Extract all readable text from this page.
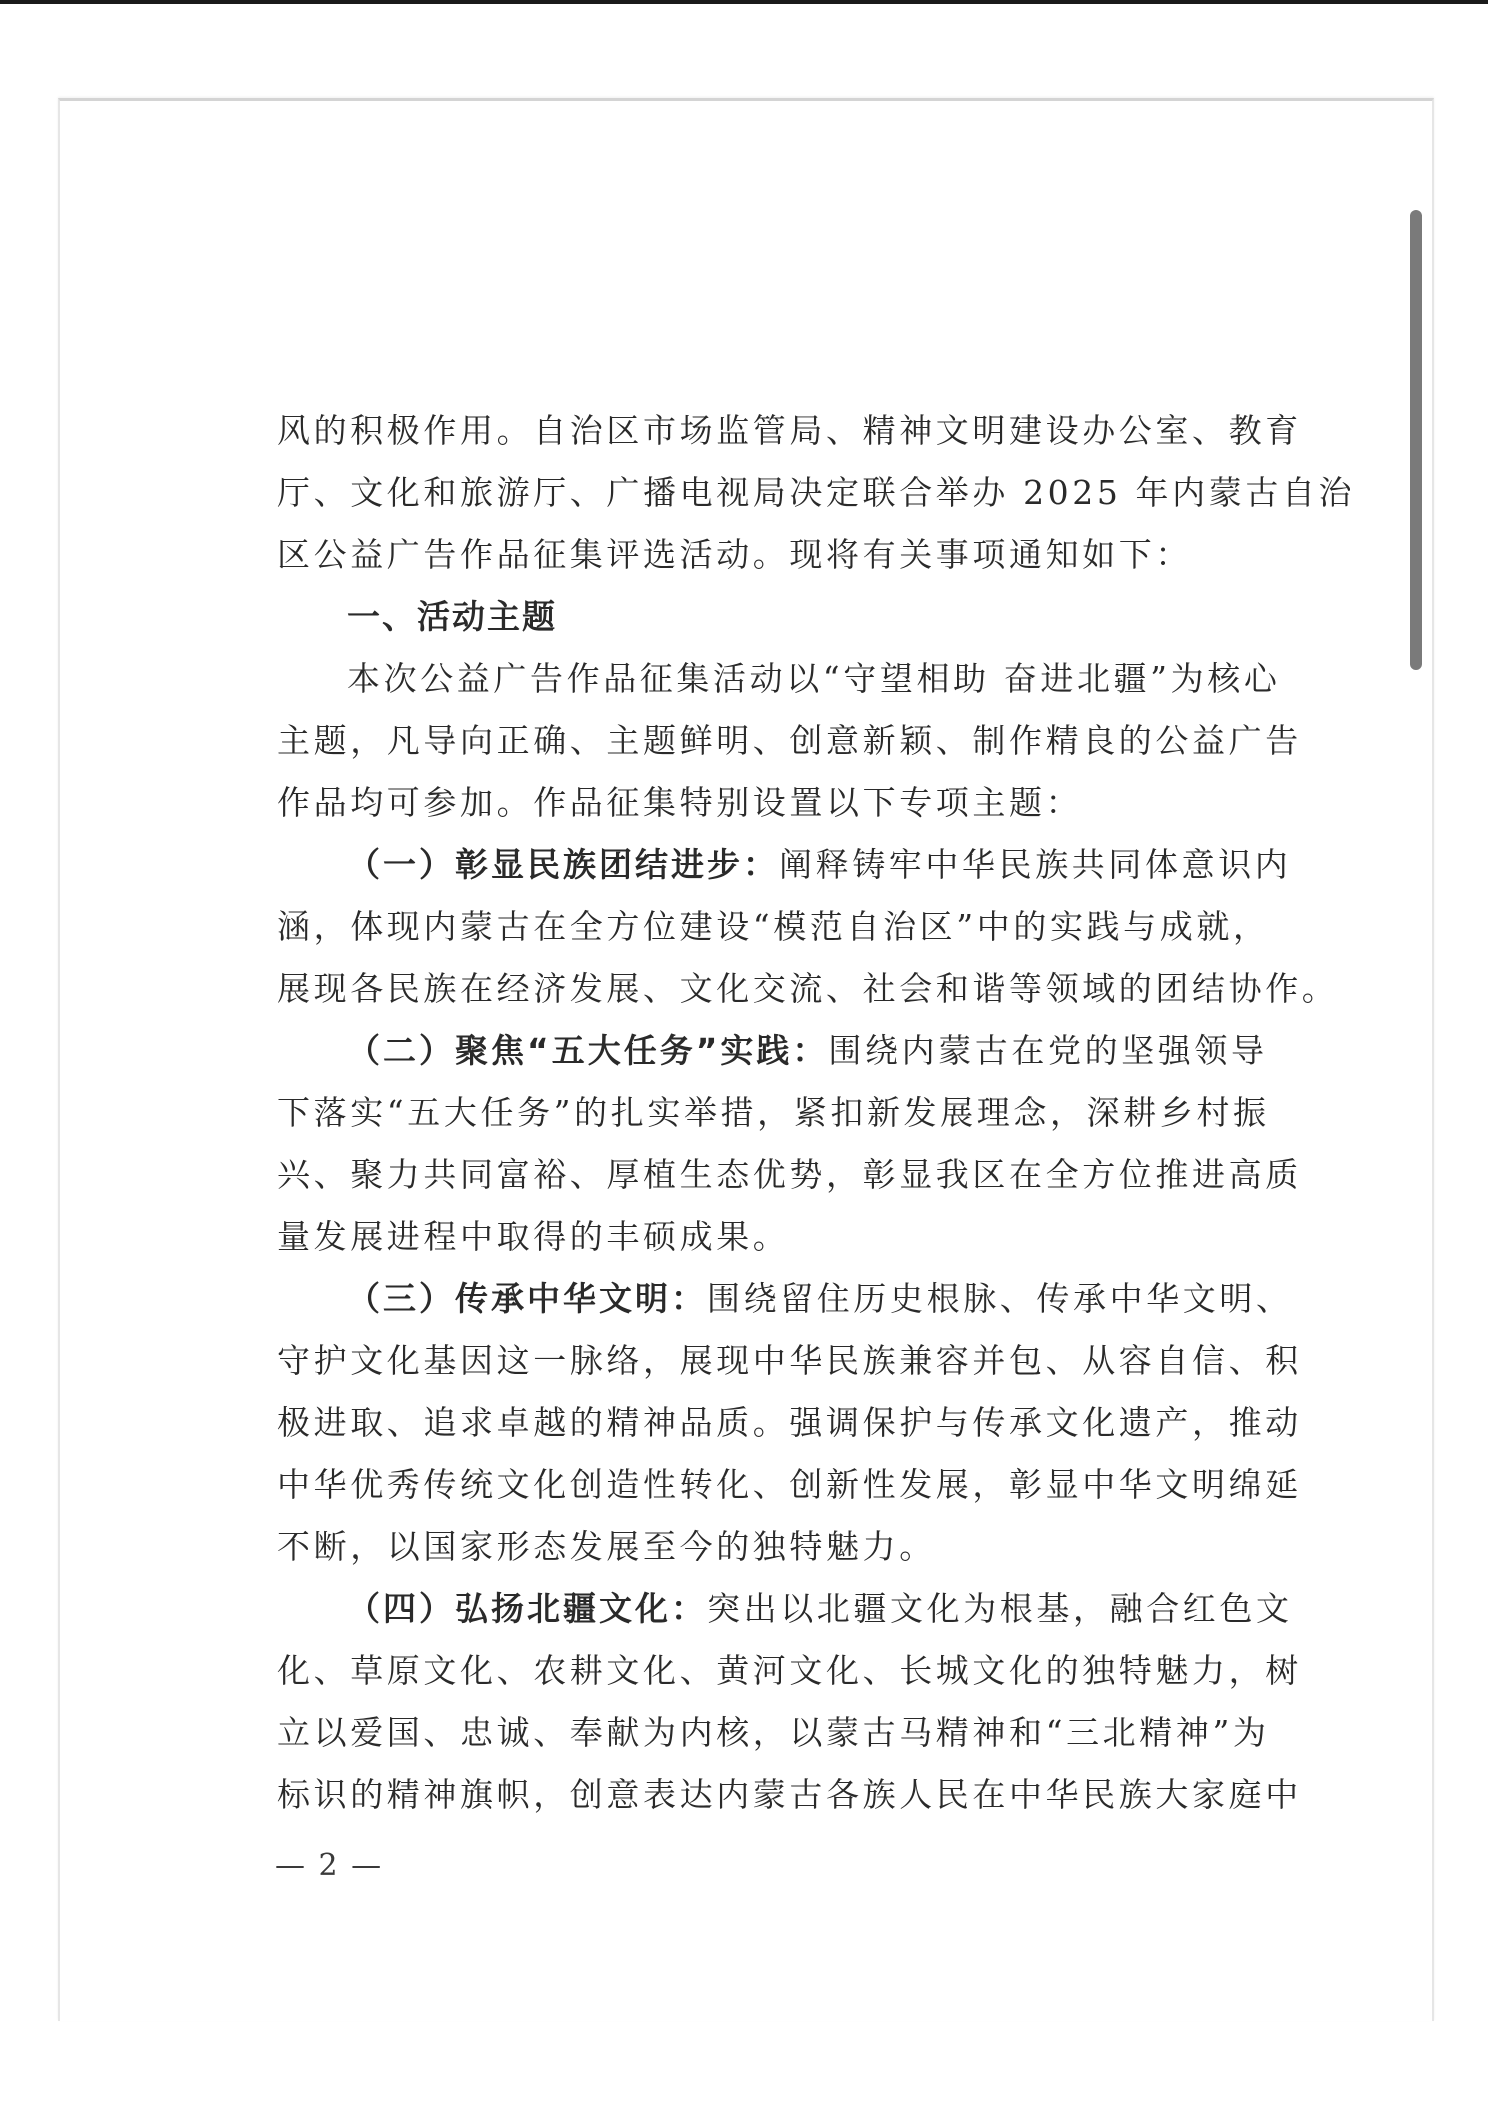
风的积极作用。自治区市场监管局、精神文明建设办公室、教育
厅、文化和旅游厅、广播电视局决定联合举办 2025 年内蒙古自治
区公益广告作品征集评选活动。现将有关事项通知如下：
一、活动主题
本次公益广告作品征集活动以“守望相助 奋进北疆”为核心
主题，凡导向正确、主题鲜明、创意新颖、制作精良的公益广告
作品均可参加。作品征集特别设置以下专项主题：
（一）彰显民族团结进步：阐释铸牢中华民族共同体意识内
涵，体现内蒙古在全方位建设“模范自治区”中的实践与成就，
展现各民族在经济发展、文化交流、社会和谐等领域的团结协作。
（二）聚焦“五大任务”实践：围绕内蒙古在党的坚强领导
下落实“五大任务”的扎实举措，紧扣新发展理念，深耕乡村振
兴、聚力共同富裕、厚植生态优势，彰显我区在全方位推进高质
量发展进程中取得的丰硕成果。
（三）传承中华文明：围绕留住历史根脉、传承中华文明、
守护文化基因这一脉络，展现中华民族兼容并包、从容自信、积
极进取、追求卓越的精神品质。强调保护与传承文化遗产，推动
中华优秀传统文化创造性转化、创新性发展，彰显中华文明绵延
不断，以国家形态发展至今的独特魅力。
（四）弘扬北疆文化：突出以北疆文化为根基，融合红色文
化、草原文化、农耕文化、黄河文化、长城文化的独特魅力，树
立以爱国、忠诚、奉献为内核，以蒙古马精神和“三北精神”为
标识的精神旗帜，创意表达内蒙古各族人民在中华民族大家庭中
— 2 —
